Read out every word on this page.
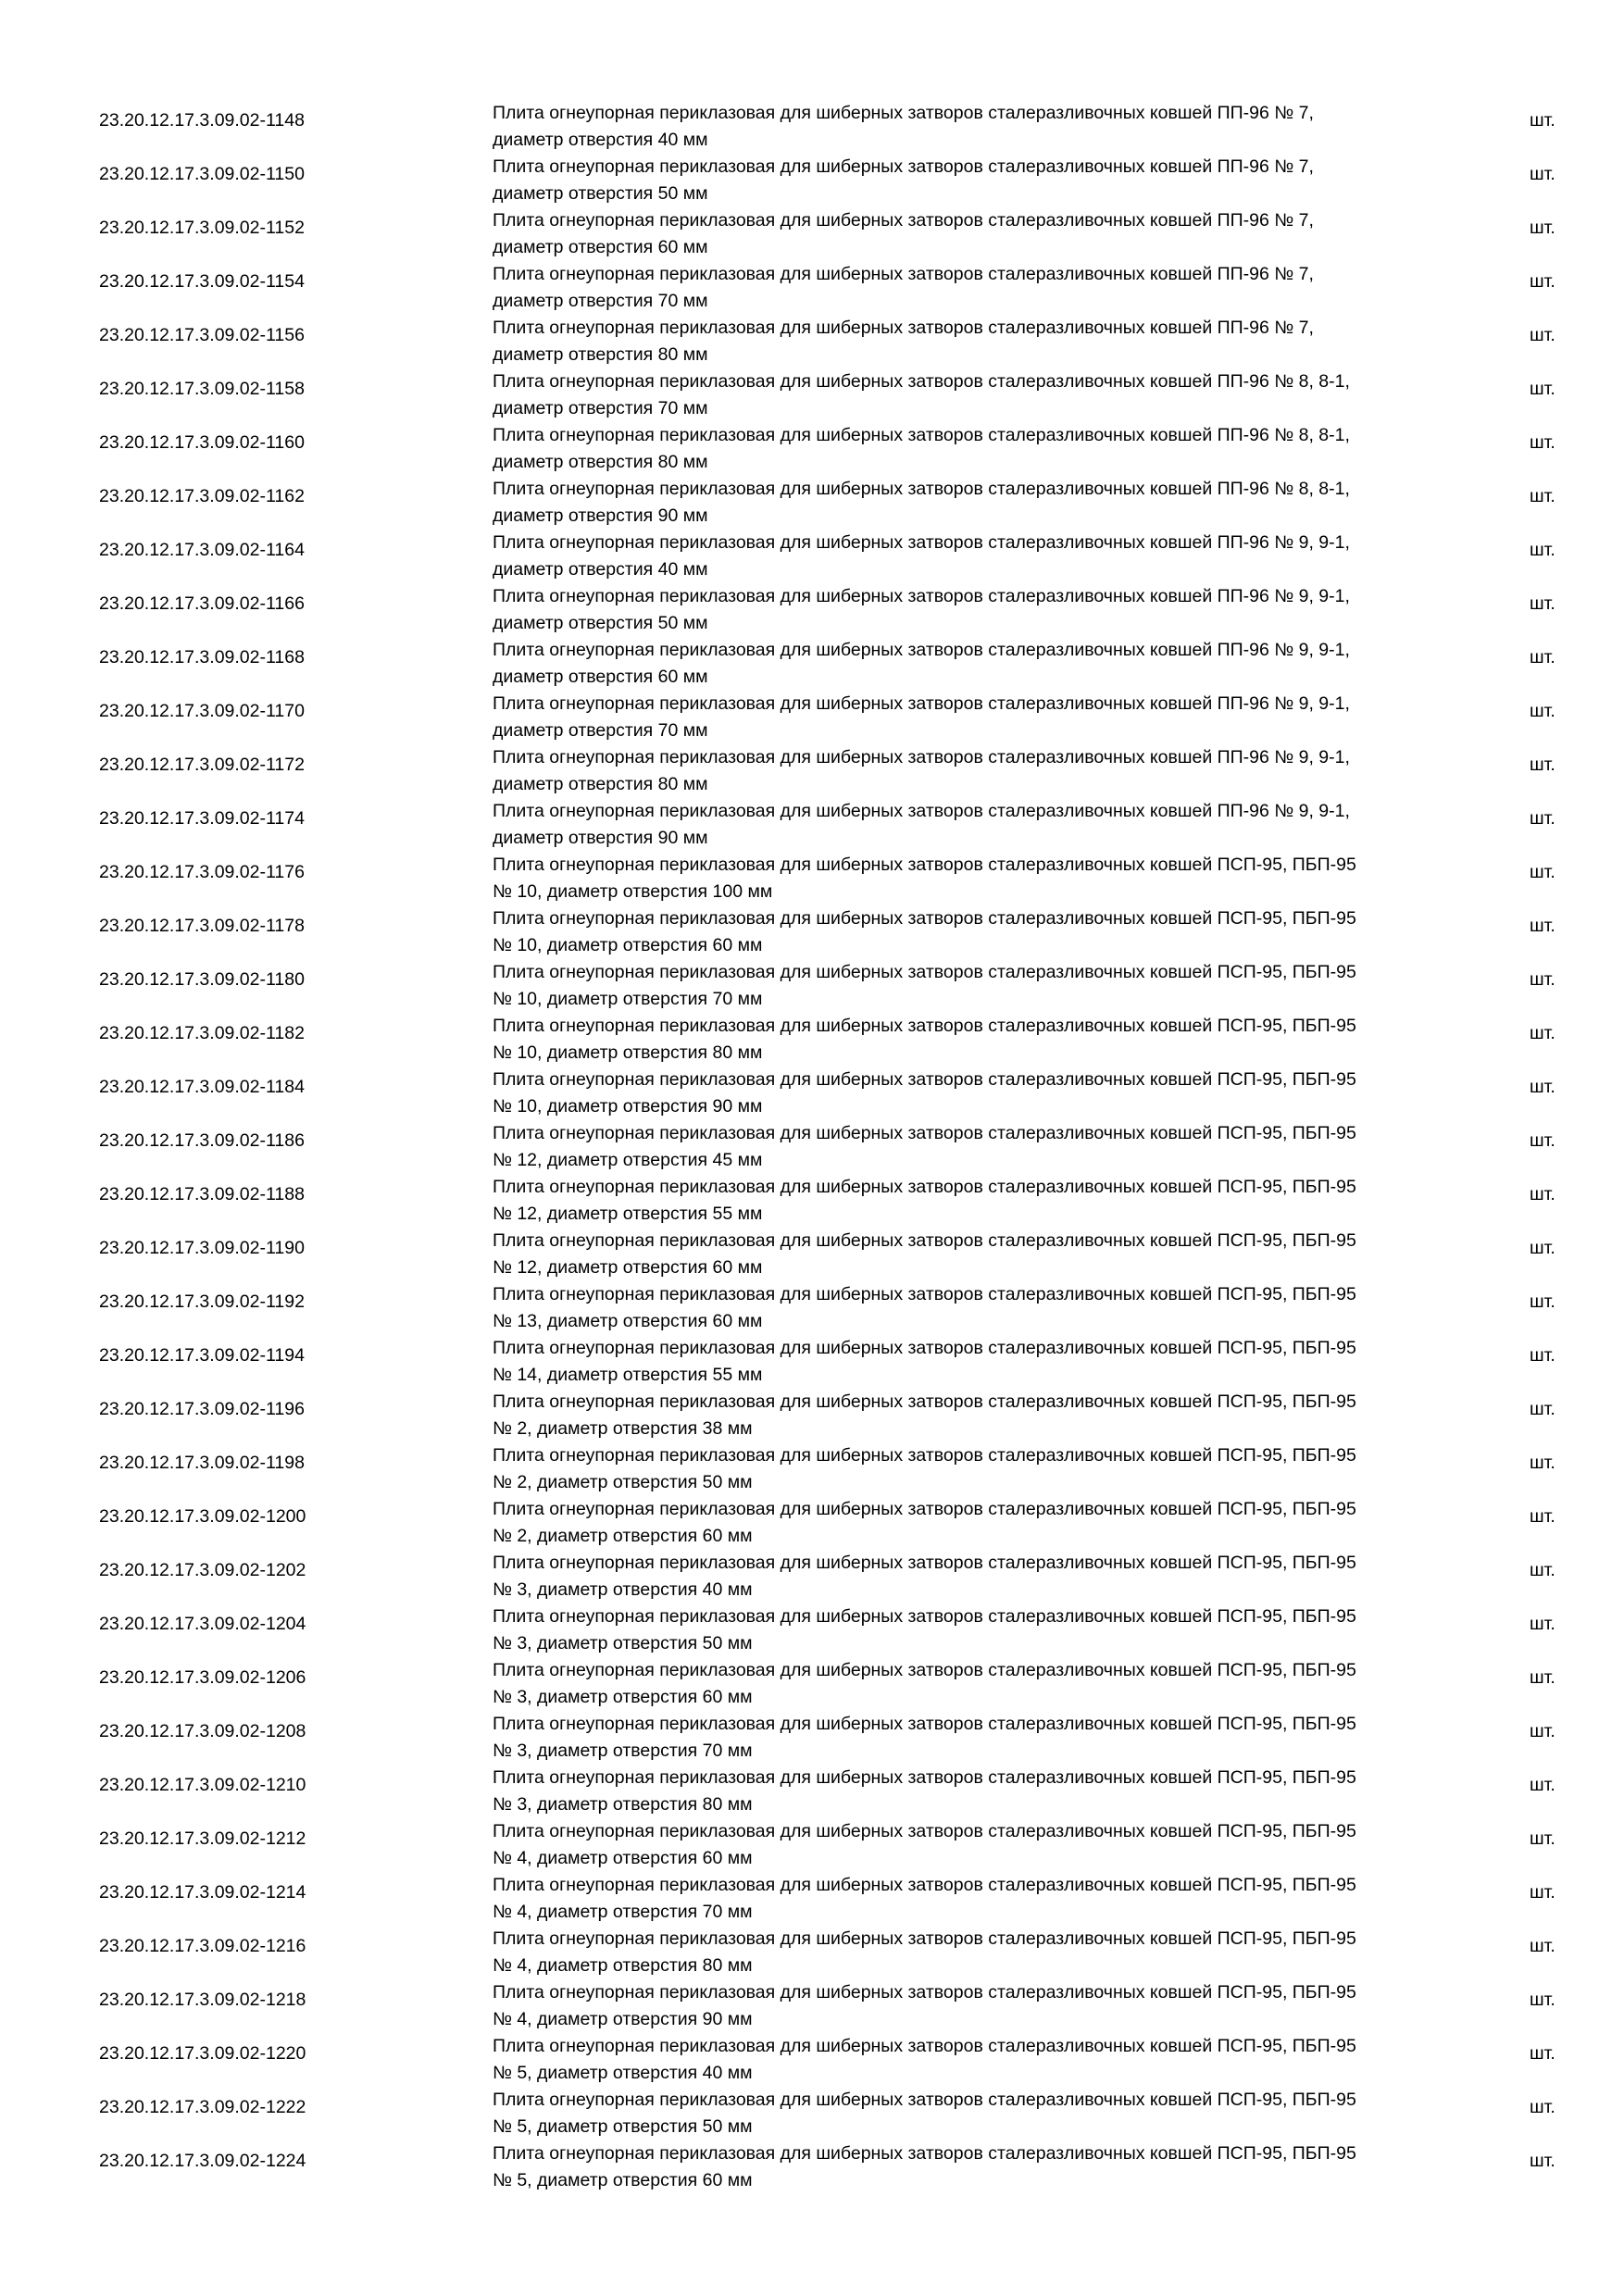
23.20.12.17.3.09.02-1148	Плита огнеупорная периклазовая для шиберных затворов сталеразливочных ковшей ПП-96 № 7,
диаметр отверстия 40 мм
шт.
23.20.12.17.3.09.02-1150	Плита огнеупорная периклазовая для шиберных затворов сталеразливочных ковшей ПП-96 № 7,
диаметр отверстия 50 мм
шт.
23.20.12.17.3.09.02-1152	Плита огнеупорная периклазовая для шиберных затворов сталеразливочных ковшей ПП-96 № 7,
диаметр отверстия 60 мм
шт.
23.20.12.17.3.09.02-1154	Плита огнеупорная периклазовая для шиберных затворов сталеразливочных ковшей ПП-96 № 7,
диаметр отверстия 70 мм
шт.
23.20.12.17.3.09.02-1156	Плита огнеупорная периклазовая для шиберных затворов сталеразливочных ковшей ПП-96 № 7,
диаметр отверстия 80 мм
шт.
23.20.12.17.3.09.02-1158	Плита огнеупорная периклазовая для шиберных затворов сталеразливочных ковшей ПП-96 № 8, 8-1,
диаметр отверстия 70 мм
шт.
23.20.12.17.3.09.02-1160	Плита огнеупорная периклазовая для шиберных затворов сталеразливочных ковшей ПП-96 № 8, 8-1,
диаметр отверстия 80 мм
шт.
23.20.12.17.3.09.02-1162	Плита огнеупорная периклазовая для шиберных затворов сталеразливочных ковшей ПП-96 № 8, 8-1,
диаметр отверстия 90 мм
шт.
23.20.12.17.3.09.02-1164	Плита огнеупорная периклазовая для шиберных затворов сталеразливочных ковшей ПП-96 № 9, 9-1,
диаметр отверстия 40 мм
шт.
23.20.12.17.3.09.02-1166	Плита огнеупорная периклазовая для шиберных затворов сталеразливочных ковшей ПП-96 № 9, 9-1,
диаметр отверстия 50 мм
шт.
23.20.12.17.3.09.02-1168	Плита огнеупорная периклазовая для шиберных затворов сталеразливочных ковшей ПП-96 № 9, 9-1,
диаметр отверстия 60 мм
шт.
23.20.12.17.3.09.02-1170	Плита огнеупорная периклазовая для шиберных затворов сталеразливочных ковшей ПП-96 № 9, 9-1,
диаметр отверстия 70 мм
шт.
23.20.12.17.3.09.02-1172	Плита огнеупорная периклазовая для шиберных затворов сталеразливочных ковшей ПП-96 № 9, 9-1,
диаметр отверстия 80 мм
шт.
23.20.12.17.3.09.02-1174	Плита огнеупорная периклазовая для шиберных затворов сталеразливочных ковшей ПП-96 № 9, 9-1,
диаметр отверстия 90 мм
шт.
23.20.12.17.3.09.02-1176	Плита огнеупорная периклазовая для шиберных затворов сталеразливочных ковшей ПСП-95, ПБП-95
№ 10, диаметр отверстия 100 мм
шт.
23.20.12.17.3.09.02-1178	Плита огнеупорная периклазовая для шиберных затворов сталеразливочных ковшей ПСП-95, ПБП-95
№ 10, диаметр отверстия 60 мм
шт.
23.20.12.17.3.09.02-1180	Плита огнеупорная периклазовая для шиберных затворов сталеразливочных ковшей ПСП-95, ПБП-95
№ 10, диаметр отверстия 70 мм
шт.
23.20.12.17.3.09.02-1182	Плита огнеупорная периклазовая для шиберных затворов сталеразливочных ковшей ПСП-95, ПБП-95
№ 10, диаметр отверстия 80 мм
шт.
23.20.12.17.3.09.02-1184	Плита огнеупорная периклазовая для шиберных затворов сталеразливочных ковшей ПСП-95, ПБП-95
№ 10, диаметр отверстия 90 мм
шт.
23.20.12.17.3.09.02-1186	Плита огнеупорная периклазовая для шиберных затворов сталеразливочных ковшей ПСП-95, ПБП-95
№ 12, диаметр отверстия 45 мм
шт.
23.20.12.17.3.09.02-1188	Плита огнеупорная периклазовая для шиберных затворов сталеразливочных ковшей ПСП-95, ПБП-95
№ 12, диаметр отверстия 55 мм
шт.
23.20.12.17.3.09.02-1190	Плита огнеупорная периклазовая для шиберных затворов сталеразливочных ковшей ПСП-95, ПБП-95
№ 12, диаметр отверстия 60 мм
шт.
23.20.12.17.3.09.02-1192	Плита огнеупорная периклазовая для шиберных затворов сталеразливочных ковшей ПСП-95, ПБП-95
№ 13, диаметр отверстия 60 мм
шт.
23.20.12.17.3.09.02-1194	Плита огнеупорная периклазовая для шиберных затворов сталеразливочных ковшей ПСП-95, ПБП-95
№ 14, диаметр отверстия 55 мм
шт.
23.20.12.17.3.09.02-1196	Плита огнеупорная периклазовая для шиберных затворов сталеразливочных ковшей ПСП-95, ПБП-95
№ 2, диаметр отверстия 38 мм
шт.
23.20.12.17.3.09.02-1198	Плита огнеупорная периклазовая для шиберных затворов сталеразливочных ковшей ПСП-95, ПБП-95
№ 2, диаметр отверстия 50 мм
шт.
23.20.12.17.3.09.02-1200	Плита огнеупорная периклазовая для шиберных затворов сталеразливочных ковшей ПСП-95, ПБП-95
№ 2, диаметр отверстия 60 мм
шт.
23.20.12.17.3.09.02-1202	Плита огнеупорная периклазовая для шиберных затворов сталеразливочных ковшей ПСП-95, ПБП-95
№ 3, диаметр отверстия 40 мм
шт.
23.20.12.17.3.09.02-1204	Плита огнеупорная периклазовая для шиберных затворов сталеразливочных ковшей ПСП-95, ПБП-95
№ 3, диаметр отверстия 50 мм
шт.
23.20.12.17.3.09.02-1206	Плита огнеупорная периклазовая для шиберных затворов сталеразливочных ковшей ПСП-95, ПБП-95
№ 3, диаметр отверстия 60 мм
шт.
23.20.12.17.3.09.02-1208	Плита огнеупорная периклазовая для шиберных затворов сталеразливочных ковшей ПСП-95, ПБП-95
№ 3, диаметр отверстия 70 мм
шт.
23.20.12.17.3.09.02-1210	Плита огнеупорная периклазовая для шиберных затворов сталеразливочных ковшей ПСП-95, ПБП-95
№ 3, диаметр отверстия 80 мм
шт.
23.20.12.17.3.09.02-1212	Плита огнеупорная периклазовая для шиберных затворов сталеразливочных ковшей ПСП-95, ПБП-95
№ 4, диаметр отверстия 60 мм
шт.
23.20.12.17.3.09.02-1214	Плита огнеупорная периклазовая для шиберных затворов сталеразливочных ковшей ПСП-95, ПБП-95
№ 4, диаметр отверстия 70 мм
шт.
23.20.12.17.3.09.02-1216	Плита огнеупорная периклазовая для шиберных затворов сталеразливочных ковшей ПСП-95, ПБП-95
№ 4, диаметр отверстия 80 мм
шт.
23.20.12.17.3.09.02-1218	Плита огнеупорная периклазовая для шиберных затворов сталеразливочных ковшей ПСП-95, ПБП-95
№ 4, диаметр отверстия 90 мм
шт.
23.20.12.17.3.09.02-1220	Плита огнеупорная периклазовая для шиберных затворов сталеразливочных ковшей ПСП-95, ПБП-95
№ 5, диаметр отверстия 40 мм
шт.
23.20.12.17.3.09.02-1222	Плита огнеупорная периклазовая для шиберных затворов сталеразливочных ковшей ПСП-95, ПБП-95
№ 5, диаметр отверстия 50 мм
шт.
23.20.12.17.3.09.02-1224	Плита огнеупорная периклазовая для шиберных затворов сталеразливочных ковшей ПСП-95, ПБП-95
№ 5, диаметр отверстия 60 мм
шт.
